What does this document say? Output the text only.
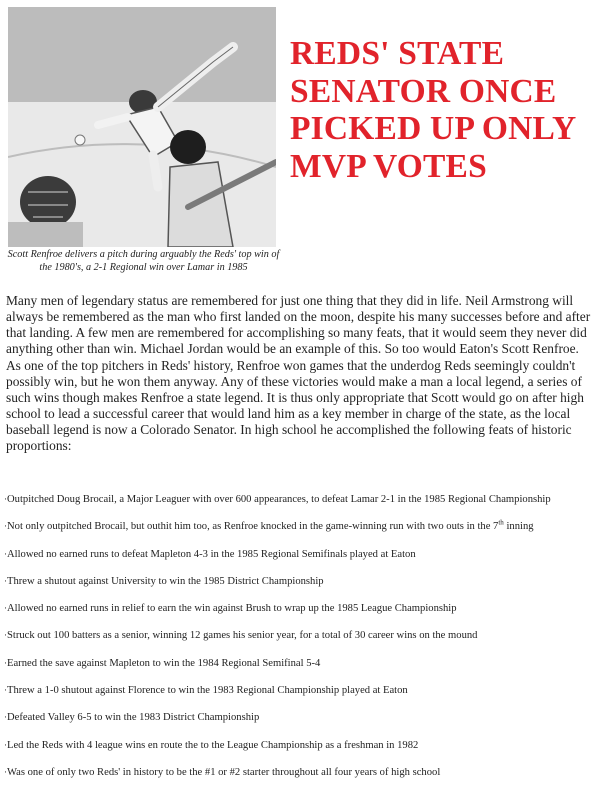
Scott Renfroe delivers a pitch during arguably the Reds' top win of the 1980's, a 2-1 Regional win over Lamar in 1985
REDS' STATE SENATOR ONCE PICKED UP ONLY MVP VOTES

Many men of legendary status are remembered for just one thing that they did in life. Neil Armstrong will always be remembered as the man who first landed on the moon, despite his many successes before and after that landing. A few men are remembered for accomplishing so many feats, that it would seem they never did anything other than win. Michael Jordan would be an example of this. So too would Eaton's Scott Renfroe.

As one of the top pitchers in Reds' history, Renfroe won games that the underdog Reds seemingly couldn't possibly win, but he won them anyway. Any of these victories would make a man a local legend, a series of such wins though makes Renfroe a state legend. It is thus only appropriate that Scott would go on after high school to lead a successful career that would land him as a key member in charge of the state, as the local baseball legend is now a Colorado Senator. In high school he accomplished the following feats of historic proportions:

·Outpitched Doug Brocail, a Major Leaguer with over 600 appearances, to defeat Lamar 2-1 in the 1985 Regional Championship
·Not only outpitched Brocail, but outhit him too, as Renfroe knocked in the game-winning run with two outs in the 7th inning
·Allowed no earned runs to defeat Mapleton 4-3 in the 1985 Regional Semifinals played at Eaton
·Threw a shutout against University to win the 1985 District Championship
·Allowed no earned runs in relief to earn the win against Brush to wrap up the 1985 League Championship
·Struck out 100 batters as a senior, winning 12 games his senior year, for a total of 30 career wins on the mound
·Earned the save against Mapleton to win the 1984 Regional Semifinal 5-4
·Threw a 1-0 shutout against Florence to win the 1983 Regional Championship played at Eaton
·Defeated Valley 6-5 to win the 1983 District Championship
·Led the Reds with 4 league wins en route the to the League Championship as a freshman in 1982
·Was one of only two Reds' in history to be the #1 or #2 starter throughout all four years of high school
